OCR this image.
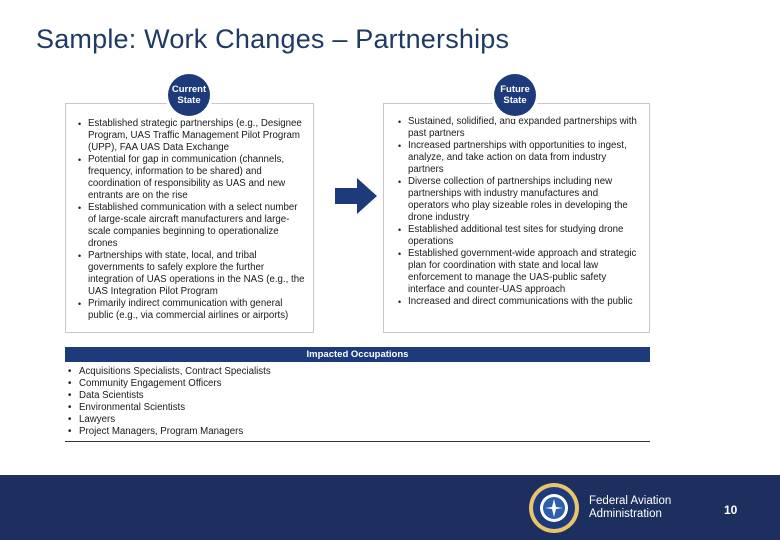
Sample: Work Changes – Partnerships
Current
State
• Established strategic partnerships (e.g., Designee Program, UAS Traffic Management Pilot Program (UPP), FAA UAS Data Exchange
• Potential for gap in communication (channels, frequency, information to be shared) and coordination of responsibility as UAS and new entrants are on the rise
• Established communication with a select number of large-scale aircraft manufacturers and large-scale companies beginning to operationalize drones
• Partnerships with state, local, and tribal governments to safely explore the further integration of UAS operations in the NAS (e.g., the UAS Integration Pilot Program
• Primarily indirect communication with general public (e.g., via commercial airlines or airports)
Future
State
• Sustained, solidified, and expanded partnerships with past partners
• Increased partnerships with opportunities to ingest, analyze, and take action on data from industry partners
• Diverse collection of partnerships including new partnerships with industry manufactures and operators who play sizeable roles in developing the drone industry
• Established additional test sites for studying drone operations
• Established government-wide approach and strategic plan for coordination with state and local law enforcement to manage the UAS-public safety interface and counter-UAS approach
• Increased and direct communications with the public
Impacted Occupations
• Acquisitions Specialists, Contract Specialists
• Community Engagement Officers
• Data Scientists
• Environmental Scientists
• Lawyers
• Project Managers, Program Managers
Federal Aviation
Administration	10
